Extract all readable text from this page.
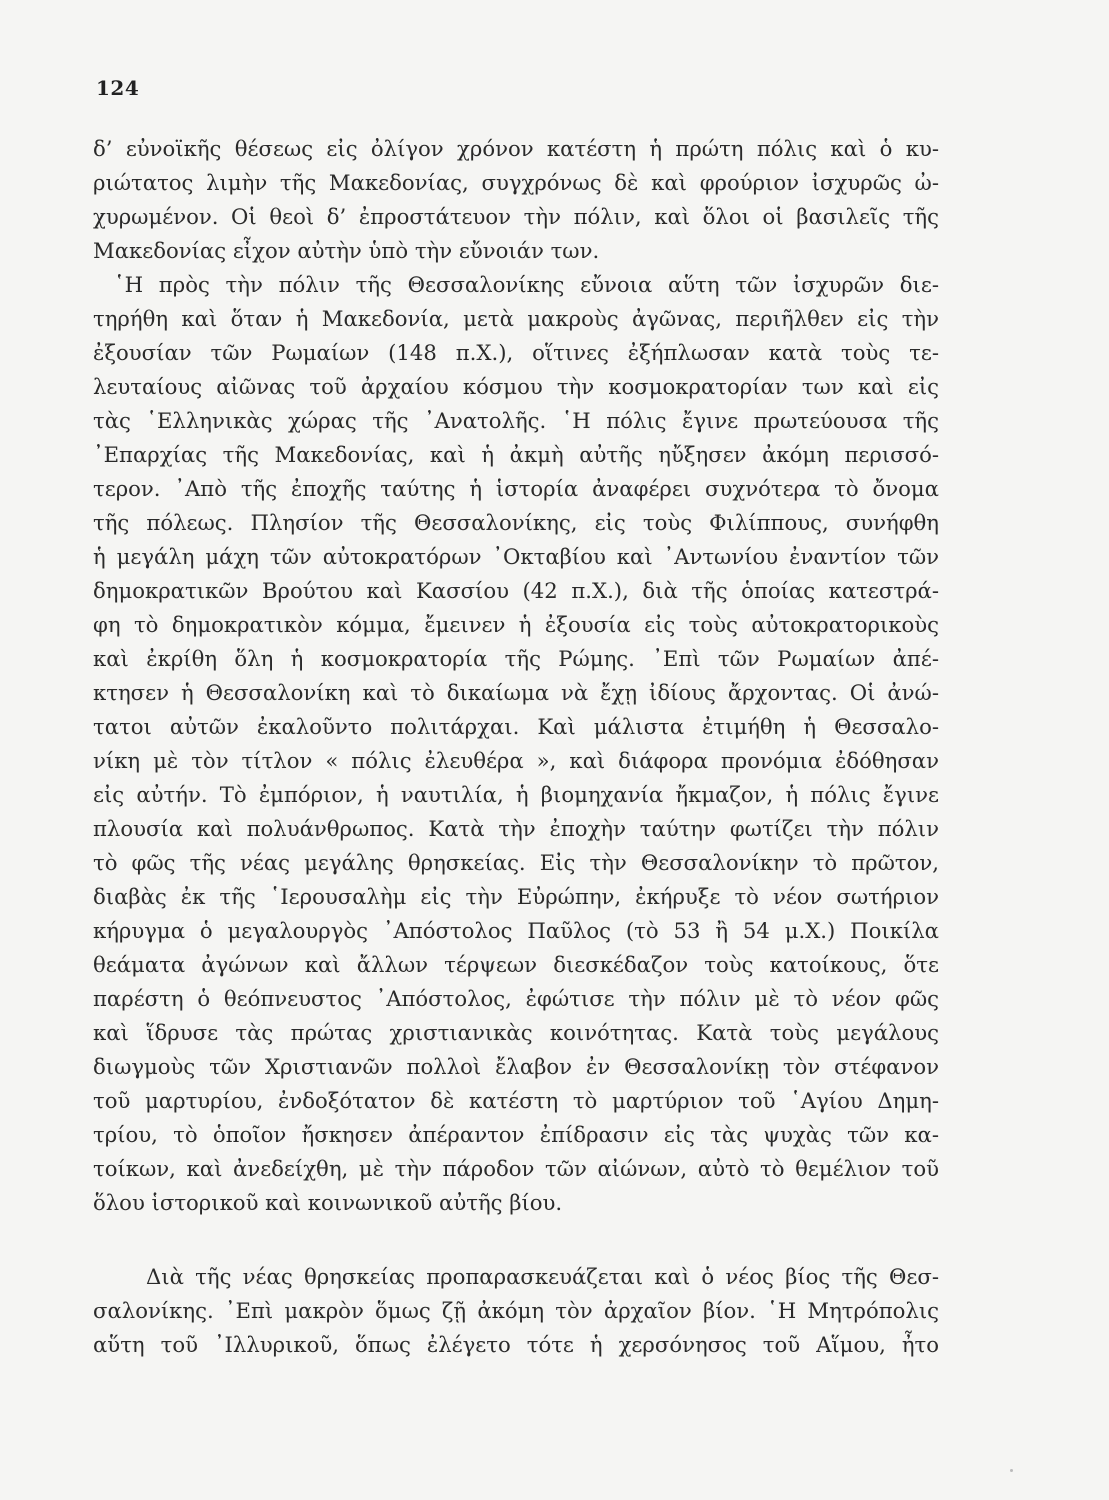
124
δ’ εὐνοϊκῆς θέσεως εἰς ὀλίγον χρόνον κατέστη ἡ πρώτη πόλις καὶ ὁ κυ-
ριώτατος λιμὴν τῆς Μακεδονίας, συγχρόνως δὲ καὶ φρούριον ἰσχυρῶς ὠ-
χυρωμένον. Οἱ θεοὶ δ’ ἐπροστάτευον τὴν πόλιν, καὶ ὅλοι οἱ βασιλεῖς τῆς
Μακεδονίας εἶχον αὐτὴν ὑπὸ τὴν εὔνοιάν των.
῾Η πρὸς τὴν πόλιν τῆς Θεσσαλονίκης εὔνοια αὕτη τῶν ἰσχυρῶν διε-
τηρήθη καὶ ὅταν ἡ Μακεδονία, μετὰ μακροὺς ἀγῶνας, περιῆλθεν εἰς τὴν
ἐξουσίαν τῶν Ρωμαίων (148 π.Χ.), οἵτινες ἐξήπλωσαν κατὰ τοὺς τε-
λευταίους αἰῶνας τοῦ ἀρχαίου κόσμου τὴν κοσμοκρατορίαν των καὶ εἰς
τὰς ῾Ελληνικὰς χώρας τῆς ᾿Ανατολῆς. ῾Η πόλις ἔγινε πρωτεύουσα τῆς
᾿Επαρχίας τῆς Μακεδονίας, καὶ ἡ ἀκμὴ αὐτῆς ηὔξησεν ἀκόμη περισσό-
τερον. ᾿Απὸ τῆς ἐποχῆς ταύτης ἡ ἱστορία ἀναφέρει συχνότερα τὸ ὄνομα
τῆς πόλεως. Πλησίον τῆς Θεσσαλονίκης, εἰς τοὺς Φιλίππους, συνήφθη
ἡ μεγάλη μάχη τῶν αὐτοκρατόρων ᾿Οκταβίου καὶ ᾿Αντωνίου ἐναντίον τῶν
δημοκρατικῶν Βρούτου καὶ Κασσίου (42 π.Χ.), διὰ τῆς ὁποίας κατεστρά-
φη τὸ δημοκρατικὸν κόμμα, ἔμεινεν ἡ ἐξουσία εἰς τοὺς αὐτοκρατορικοὺς
καὶ ἐκρίθη ὅλη ἡ κοσμοκρατορία τῆς Ρώμης. ᾿Επὶ τῶν Ρωμαίων ἀπέ-
κτησεν ἡ Θεσσαλονίκη καὶ τὸ δικαίωμα νὰ ἔχῃ ἰδίους ἄρχοντας. Οἱ ἀνώ-
τατοι αὐτῶν ἐκαλοῦντο πολιτάρχαι. Καὶ μάλιστα ἐτιμήθη ἡ Θεσσαλο-
νίκη μὲ τὸν τίτλον « πόλις ἐλευθέρα », καὶ διάφορα προνόμια ἐδόθησαν
εἰς αὐτήν. Τὸ ἐμπόριον, ἡ ναυτιλία, ἡ βιομηχανία ἤκμαζον, ἡ πόλις ἔγινε
πλουσία καὶ πολυάνθρωπος. Κατὰ τὴν ἐποχὴν ταύτην φωτίζει τὴν πόλιν
τὸ φῶς τῆς νέας μεγάλης θρησκείας. Εἰς τὴν Θεσσαλονίκην τὸ πρῶτον,
διαβὰς ἐκ τῆς ῾Ιερουσαλὴμ εἰς τὴν Εὐρώπην, ἐκήρυξε τὸ νέον σωτήριον
κήρυγμα ὁ μεγαλουργὸς ᾿Απόστολος Παῦλος (τὸ 53 ἢ 54 μ.Χ.) Ποικίλα
θεάματα ἀγώνων καὶ ἄλλων τέρψεων διεσκέδαζον τοὺς κατοίκους, ὅτε
παρέστη ὁ θεόπνευστος ᾿Απόστολος, ἐφώτισε τὴν πόλιν μὲ τὸ νέον φῶς
καὶ ἵδρυσε τὰς πρώτας χριστιανικὰς κοινότητας. Κατὰ τοὺς μεγάλους
διωγμοὺς τῶν Χριστιανῶν πολλοὶ ἔλαβον ἐν Θεσσαλονίκῃ τὸν στέφανον
τοῦ μαρτυρίου, ἐνδοξότατον δὲ κατέστη τὸ μαρτύριον τοῦ ῾Αγίου Δημη-
τρίου, τὸ ὁποῖον ἤσκησεν ἀπέραντον ἐπίδρασιν εἰς τὰς ψυχὰς τῶν κα-
τοίκων, καὶ ἀνεδείχθη, μὲ τὴν πάροδον τῶν αἰώνων, αὐτὸ τὸ θεμέλιον τοῦ
ὅλου ἱστορικοῦ καὶ κοινωνικοῦ αὐτῆς βίου.
Διὰ τῆς νέας θρησκείας προπαρασκευάζεται καὶ ὁ νέος βίος τῆς Θεσ-
σαλονίκης. ᾿Επὶ μακρὸν ὅμως ζῇ ἀκόμη τὸν ἀρχαῖον βίον. ῾Η Μητρόπολις
αὕτη τοῦ ᾿Ιλλυρικοῦ, ὅπως ἐλέγετο τότε ἡ χερσόνησος τοῦ Αἵμου, ἦτο
